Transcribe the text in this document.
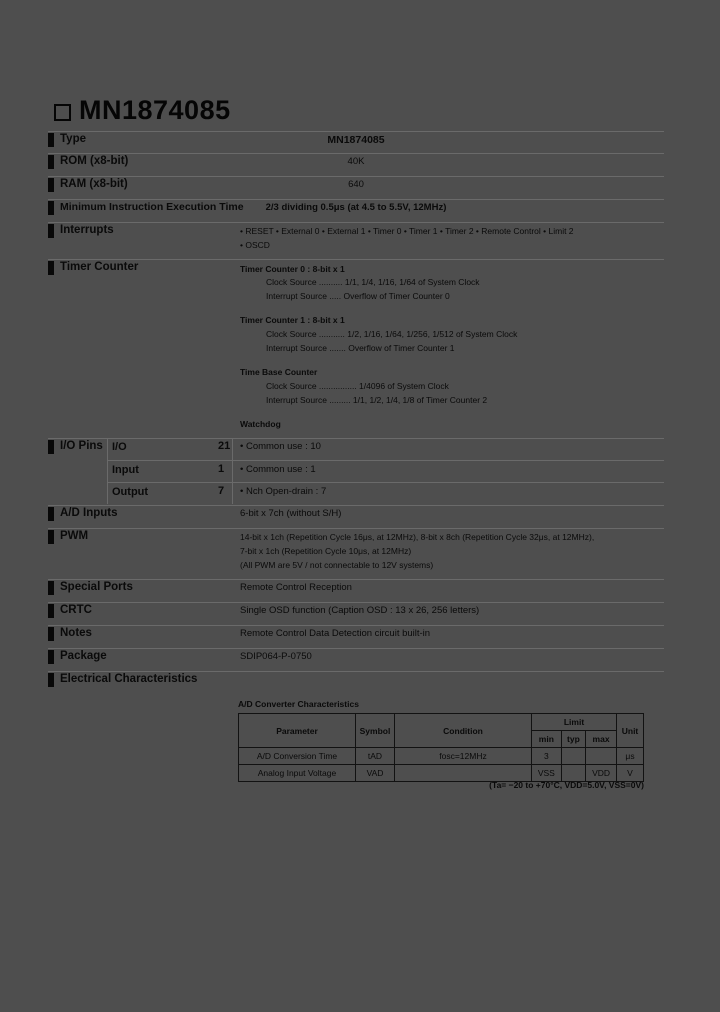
MN1874085
Type	MN1874085
ROM (x8-bit)	40K
RAM (x8-bit)	640
Minimum Instruction Execution Time	2/3 dividing 0.5μs (at 4.5 to 5.5V, 12MHz)
Interrupts	• RESET • External 0 • External 1 • Timer 0 • Timer 1 • Timer 2 • Remote Control • Limit 2
• OSCD
Timer Counter	Timer Counter 0 : 8-bit x 1
Clock Source .......... 1/1, 1/4, 1/16, 1/64 of System Clock
Interrupt Source ..... Overflow of Timer Counter 0
Timer Counter 1 : 8-bit x 1
Clock Source ........... 1/2, 1/16, 1/64, 1/256, 1/512 of System Clock
Interrupt Source ....... Overflow of Timer Counter 1
Time Base Counter
Clock Source ................ 1/4096 of System Clock
Interrupt Source ......... 1/1, 1/2, 1/4, 1/8 of Timer Counter 2
Watchdog
I/O Pins I/O	21 • Common use : 10
Input	1 • Common use : 1
Output	7 • Nch Open-drain : 7
A/D Inputs	6-bit x 7ch (without S/H)
PWM	14-bit x 1ch (Repetition Cycle 16μs, at 12MHz), 8-bit x 8ch (Repetition Cycle 32μs, at 12MHz),
7-bit x 1ch (Repetition Cycle 10μs, at 12MHz)
(All PWM are 5V / not connectable to 12V systems)
Special Ports	Remote Control Reception
CRTC	Single OSD function (Caption OSD : 13 x 26, 256 letters)
Notes	Remote Control Data Detection circuit built-in
Package	SDIP064-P-0750
Electrical Characteristics
A/D Converter Characteristics
Parameter	Symbol	Condition	Limit			Unit
			min	typ	max	
A/D Conversion Time	tAD	fosc=12MHz	3			μs
Analog Input Voltage	VAD		VSS		VDD	V
(Ta= −20 to +70°C, VDD=5.0V, VSS=0V)
